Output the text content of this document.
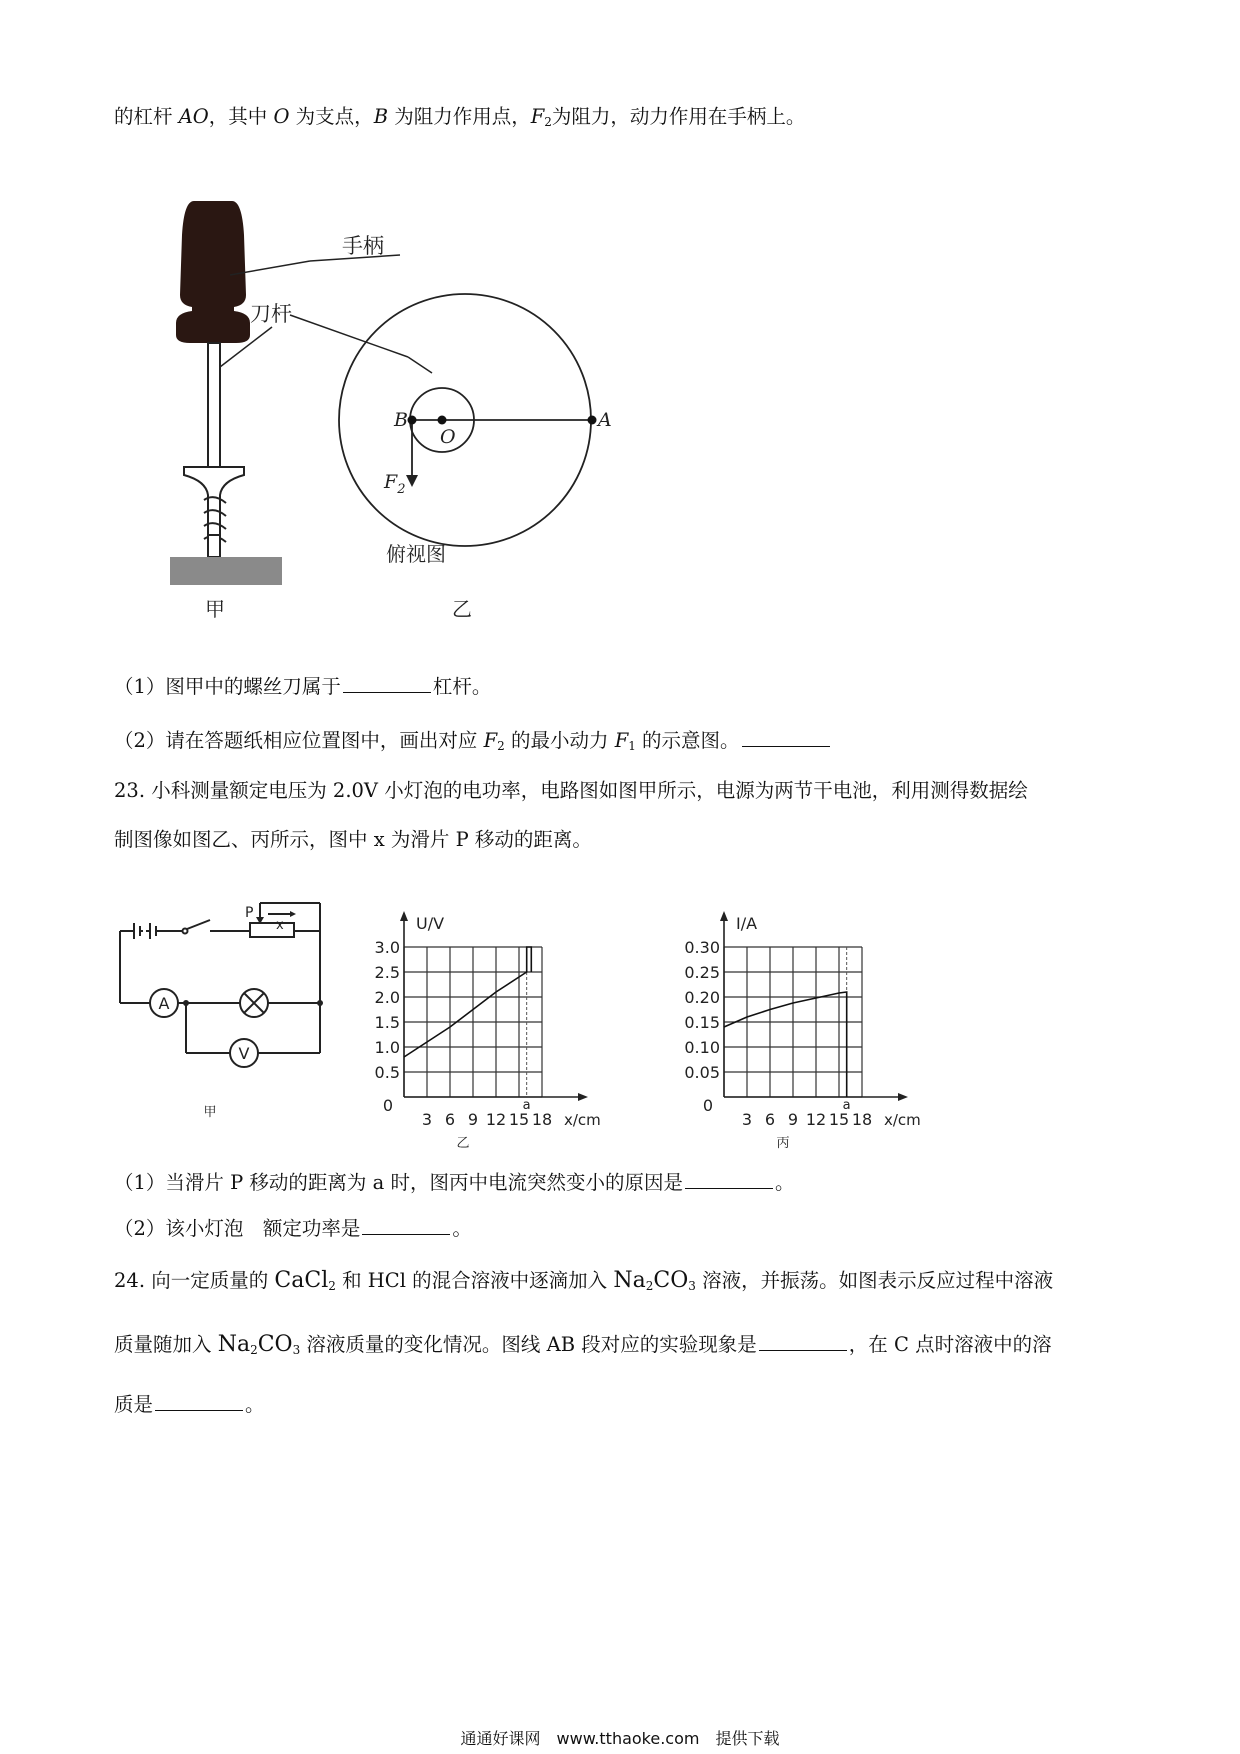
的杠杆 AO，其中 O 为支点，B 为阻力作用点，$F_2$为阻力，动力作用在手柄上。
手柄
刀杆
B
O
A
$F_2$
俯视图
甲	乙
（1）图甲中的螺丝刀属于	杠杆。
（2）请在答题纸相应位置图中，画出对应 $F_2$ 的最小动力 $F_1$ 的示意图。
23. 小科测量额定电压为 2.0V 小灯泡的电功率，电路图如图甲所示，电源为两节干电池，利用测得数据绘
制图像如图乙、丙所示，图中 x 为滑片 P 移动的距离。
P
x
A
V
甲
0.5
1.0
1.5
2.0
2.5
3.0
3 6 9 12 15 18
0
U/V
x/cm
a
乙
0.05
0.10
0.15
0.20
0.25
0.30
3 6 9 12 15 18
0
I/A
x/cm
a
丙
（1）当滑片 P 移动的距离为 a 时，图丙中电流突然变小的原因是	。
（2）该小灯泡　额定功率是	。
24. 向一定质量的 CaCl$_2$ 和 HCl 的混合溶液中逐滴加入 $Na_2CO_3$ 溶液，并振荡。如图表示反应过程中溶液
质量随加入 $Na_2CO_3$ 溶液质量的变化情况。图线 AB 段对应的实验现象是	，在 C 点时溶液中的溶
质是	。
通通好课网　www.tthaoke.com　提供下载
